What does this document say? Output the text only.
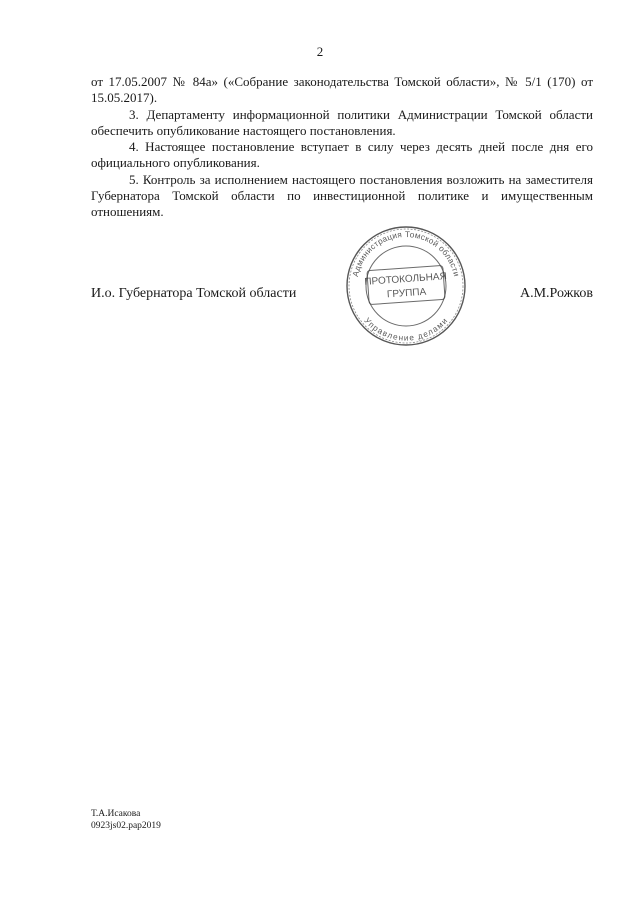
2

от 17.05.2007 № 84а» («Собрание законодательства Томской области», № 5/1 (170) от 15.05.2017).

3. Департаменту информационной политики Администрации Томской области обеспечить опубликование настоящего постановления.

4. Настоящее постановление вступает в силу через десять дней после дня его официального опубликования.

5. Контроль за исполнением настоящего постановления возложить на заместителя Губернатора Томской области по инвестиционной политике и имущественным отношениям.

И.о. Губернатора Томской области	А.М.Рожков
Администрация Томской области
Управление делами
ПРОТОКОЛЬНАЯ
ГРУППА
Т.А.Исакова
0923js02.pap2019
